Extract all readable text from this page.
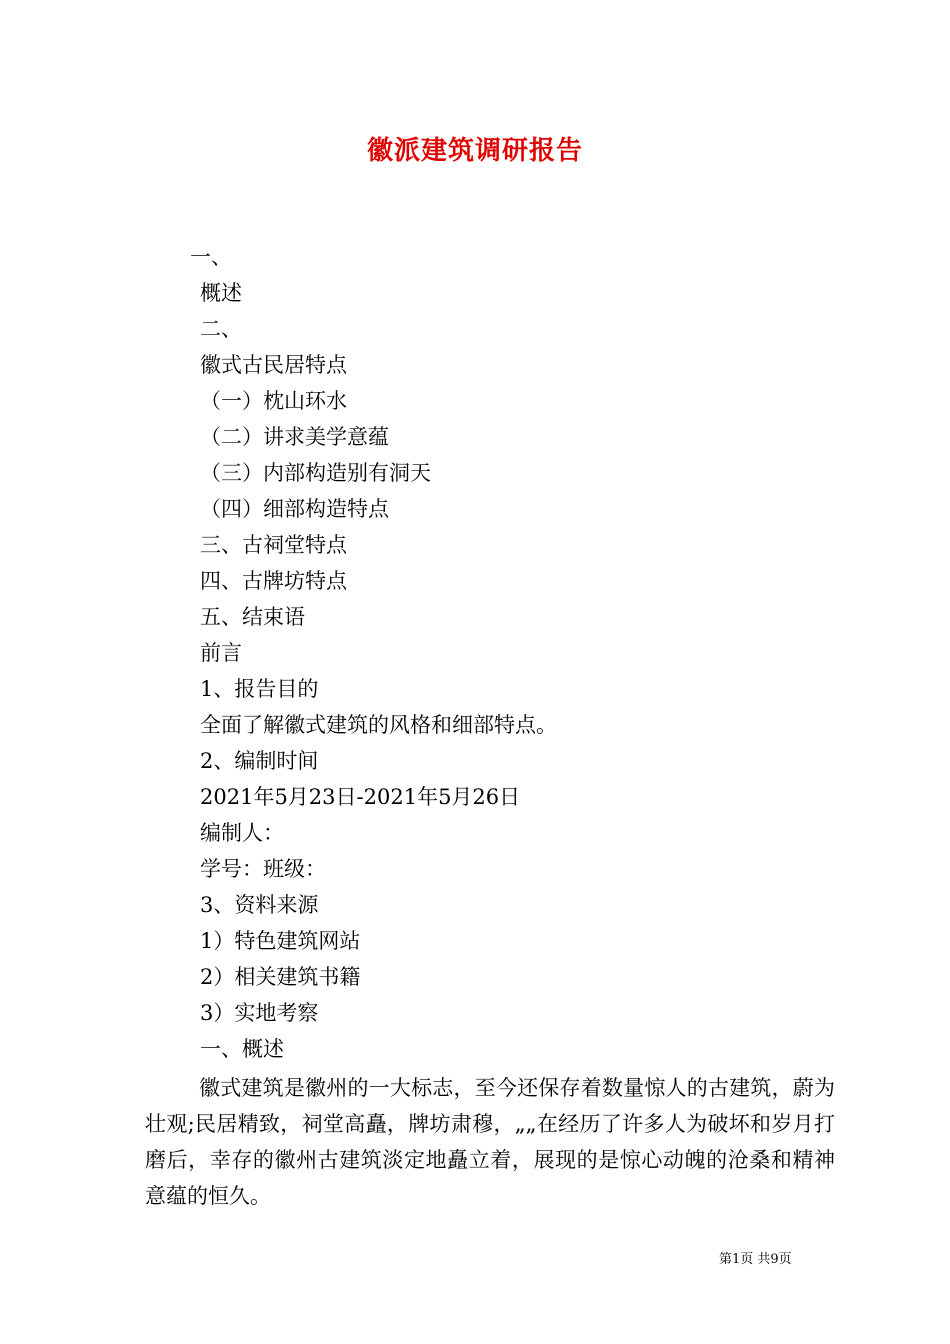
徽派建筑调研报告
一、
概述
二、
徽式古民居特点
（一）枕山环水
（二）讲求美学意蕴
（三）内部构造别有洞天
（四）细部构造特点
三、古祠堂特点
四、古牌坊特点
五、结束语
前言
1、报告目的
全面了解徽式建筑的风格和细部特点。
2、编制时间
2021年5月23日-2021年5月26日
编制人：
学号：班级：
3、资料来源
1）特色建筑网站
2）相关建筑书籍
3）实地考察
一、概述
徽式建筑是徽州的一大标志，至今还保存着数量惊人的古建筑，蔚为壮观;民居精致，祠堂高矗，牌坊肃穆，„„在经历了许多人为破坏和岁月打磨后，幸存的徽州古建筑淡定地矗立着，展现的是惊心动魄的沧桑和精神意蕴的恒久。
第1页 共9页
